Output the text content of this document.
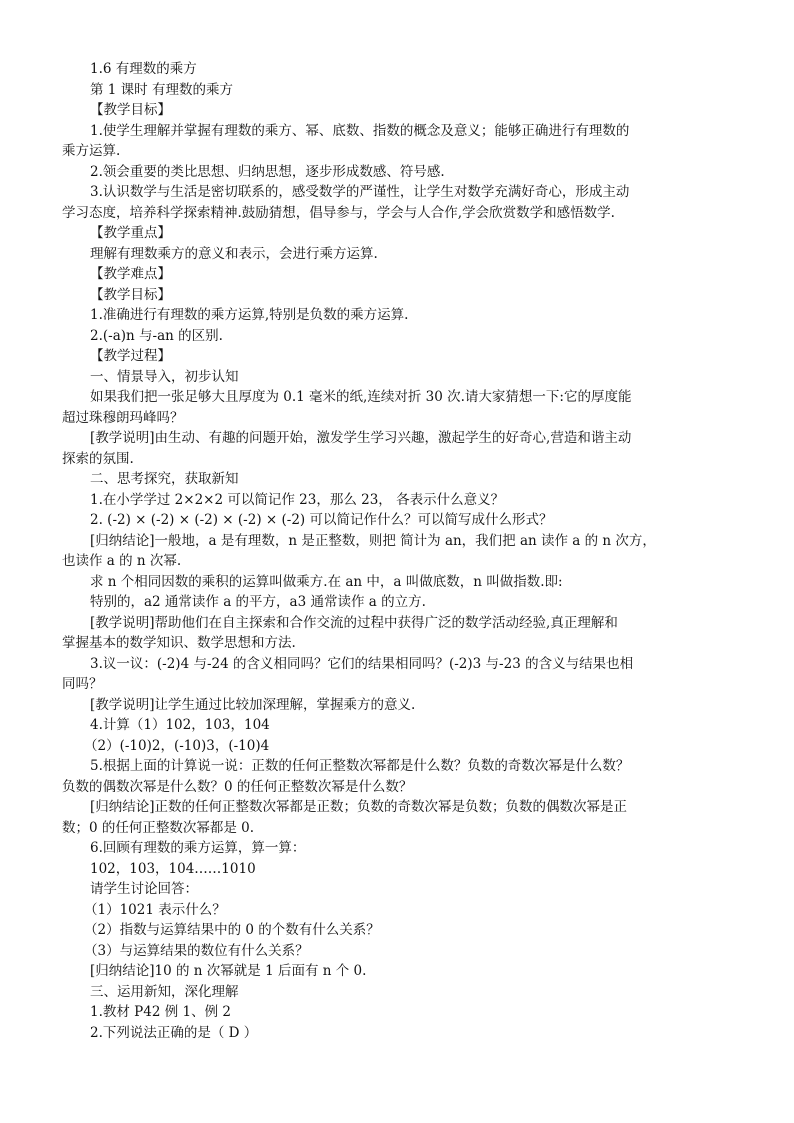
1.6 有理数的乘方

第 1 课时 有理数的乘方

【教学目标】

1.使学生理解并掌握有理数的乘方、幂、底数、指数的概念及意义；能够正确进行有理数的

乘方运算.

2.领会重要的类比思想、归纳思想，逐步形成数感、符号感.

3.认识数学与生活是密切联系的，感受数学的严谨性，让学生对数学充满好奇心，形成主动

学习态度，培养科学探索精神.鼓励猜想，倡导参与，学会与人合作,学会欣赏数学和感悟数学.

【教学重点】

理解有理数乘方的意义和表示，会进行乘方运算.

【教学难点】

【教学目标】

1.准确进行有理数的乘方运算,特别是负数的乘方运算.

2.(-a)n 与-an 的区别.

【教学过程】

一、情景导入，初步认知

如果我们把一张足够大且厚度为 0.1 毫米的纸,连续对折 30 次.请大家猜想一下:它的厚度能

超过珠穆朗玛峰吗？

[教学说明]由生动、有趣的问题开始，激发学生学习兴趣，激起学生的好奇心,营造和谐主动

探索的氛围.

二、思考探究，获取新知

1.在小学学过 2×2×2 可以简记作 23，那么 23， 各表示什么意义？

2. (-2) × (-2) × (-2) × (-2) × (-2) 可以简记作什么？可以简写成什么形式？

[归纳结论]一般地，a 是有理数，n 是正整数，则把 简计为 an，我们把 an 读作 a 的 n 次方，

也读作 a 的 n 次幂.

求 n 个相同因数的乘积的运算叫做乘方.在 an 中，a 叫做底数，n 叫做指数.即:

特别的，a2 通常读作 a 的平方，a3 通常读作 a 的立方.

[教学说明]帮助他们在自主探索和合作交流的过程中获得广泛的数学活动经验,真正理解和

掌握基本的数学知识、数学思想和方法.

3.议一议：(-2)4 与-24 的含义相同吗？它们的结果相同吗？(-2)3 与-23 的含义与结果也相

同吗？

[教学说明]让学生通过比较加深理解，掌握乘方的意义.

4.计算（1）102，103，104

（2）(-10)2，(-10)3，(-10)4

5.根据上面的计算说一说：正数的任何正整数次幂都是什么数？负数的奇数次幂是什么数？

负数的偶数次幂是什么数？0 的任何正整数次幂是什么数？

[归纳结论]正数的任何正整数次幂都是正数；负数的奇数次幂是负数；负数的偶数次幂是正

数；0 的任何正整数次幂都是 0.

6.回顾有理数的乘方运算，算一算：

102，103，104……1010

请学生讨论回答：

（1）1021 表示什么？

（2）指数与运算结果中的 0 的个数有什么关系？

（3）与运算结果的数位有什么关系？

[归纳结论]10 的 n 次幂就是 1 后面有 n 个 0.

三、运用新知，深化理解

1.教材 P42 例 1、例 2

2.下列说法正确的是（ D ）
